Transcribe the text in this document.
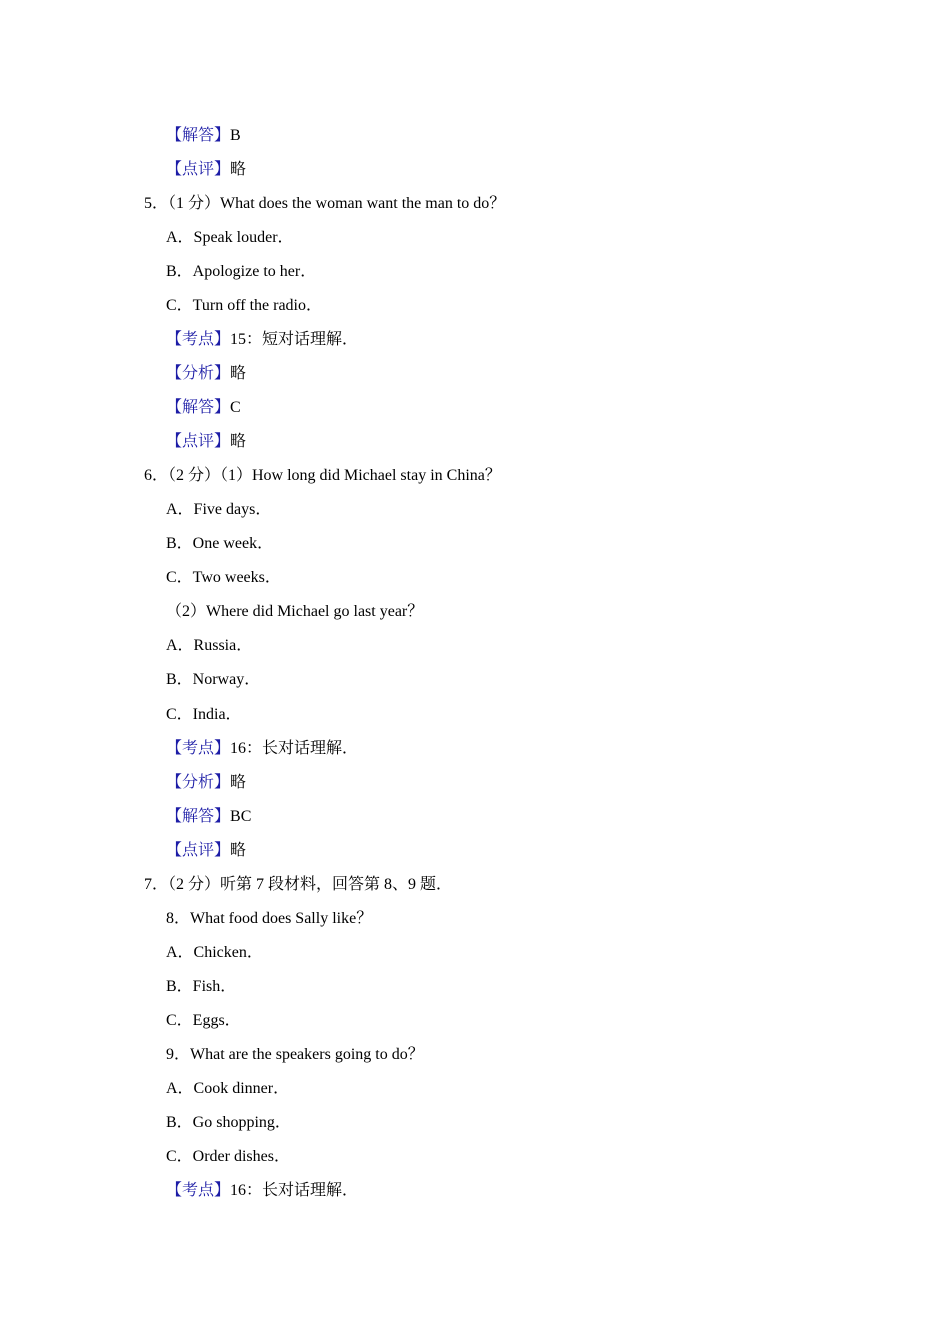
【解答】B
【点评】略
5．（1 分）What does the woman want the man to do？
A．Speak louder．
B．Apologize to her．
C．Turn off the radio．
【考点】15：短对话理解．
【分析】略
【解答】C
【点评】略
6．（2 分）（1）How long did Michael stay in China？
A．Five days．
B．One week．
C．Two weeks．
（2）Where did Michael go last year？
A．Russia．
B．Norway．
C．India．
【考点】16：长对话理解．
【分析】略
【解答】BC
【点评】略
7．（2 分）听第 7 段材料，回答第 8、9 题．
8．What food does Sally like？
A．Chicken．
B．Fish．
C．Eggs．
9．What are the speakers going to do？
A．Cook dinner．
B．Go shopping．
C．Order dishes．
【考点】16：长对话理解．
